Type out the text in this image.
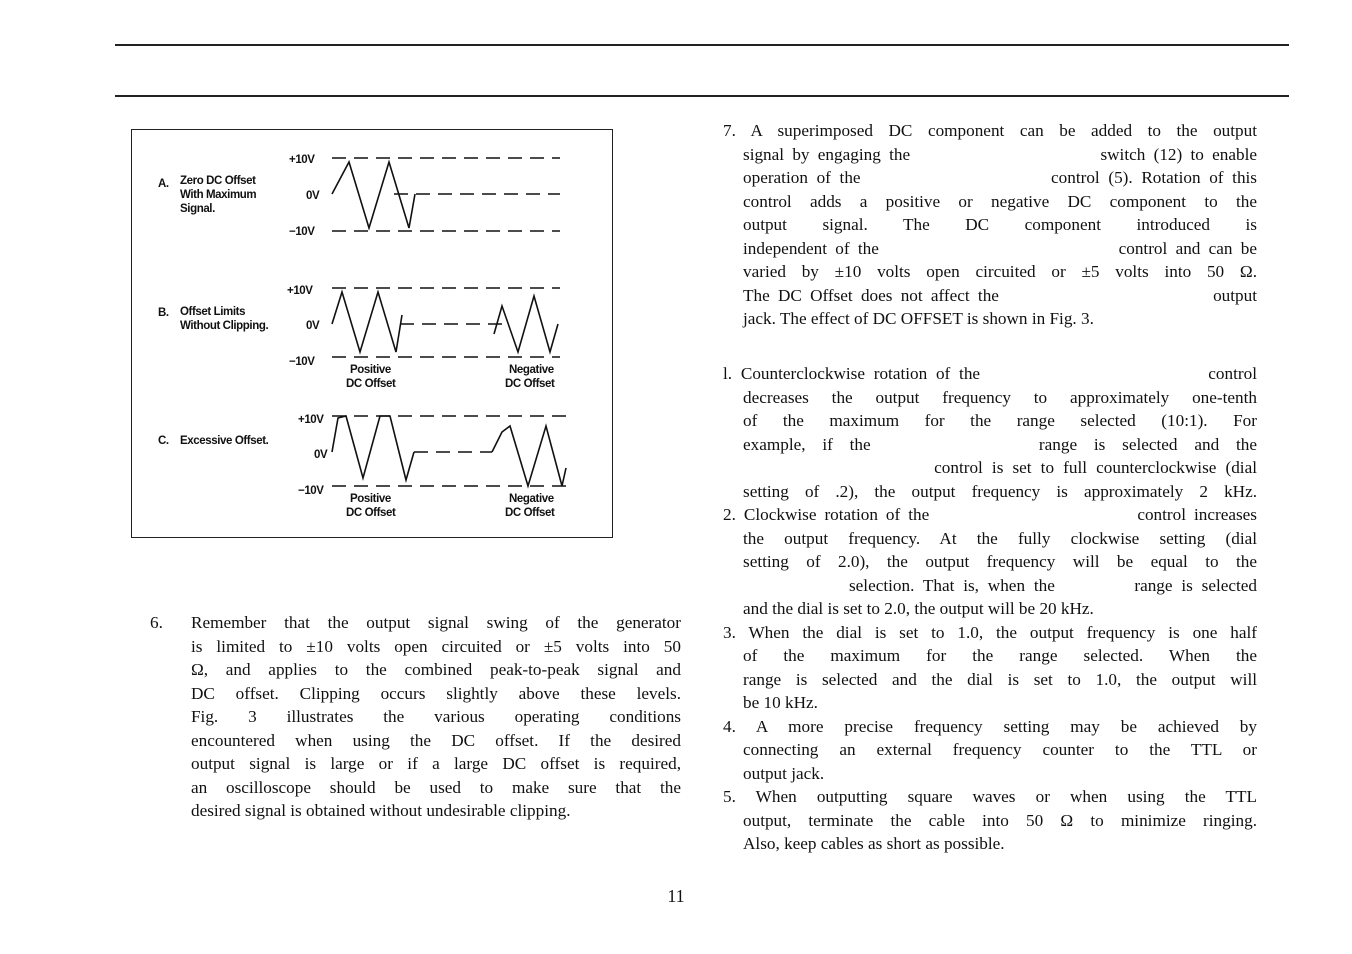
A. Zero DC Offset
With Maximum
Signal.
+10V
0V
−10V
B. Offset Limits
Without Clipping.
+10V
0V
−10V
Positive
DC Offset
Negative
DC Offset
C. Excessive Offset.
+10V
0V
−10V
Positive
DC Offset
Negative
DC Offset
6. Remember that the output signal swing of the generator
is limited to ±10 volts open circuited or ±5 volts into 50
Ω, and applies to the combined peak-to-peak signal and
DC offset. Clipping occurs slightly above these levels.
Fig. 3 illustrates the various operating conditions
encountered when using the DC offset. If the desired
output signal is large or if a large DC offset is required,
an oscilloscope should be used to make sure that the
desired signal is obtained without undesirable clipping.
7. A superimposed DC component can be added to the output
signal by engaging the                       switch (12) to enable
operation of the                      control (5). Rotation of this
control adds a positive or negative DC component to the
output signal. The DC component introduced is
independent of the                             control and can be
varied by ±10 volts open circuited or ±5 volts into 50 Ω.
The DC Offset does not affect the                          output
jack. The effect of DC OFFSET is shown in Fig. 3.
l. Counterclockwise rotation of the                          control
decreases the output frequency to approximately one-tenth
of the maximum for the range selected (10:1). For
example, if the          range is selected and the
control is set to full counterclockwise (dial
setting of .2), the output frequency is approximately 2 kHz.
2. Clockwise rotation of the                          control increases
the output frequency. At the fully clockwise setting (dial
setting of 2.0), the output frequency will be equal to the
selection. That is, when the         range is selected
and the dial is set to 2.0, the output will be 20 kHz.
3. When the dial is set to 1.0, the output frequency is one half
of the maximum for the range selected. When the
range is selected and the dial is set to 1.0, the output will
be 10 kHz.
4. A more precise frequency setting may be achieved by
connecting an external frequency counter to the TTL or
output jack.
5. When outputting square waves or when using the TTL
output, terminate the cable into 50 Ω to minimize ringing.
Also, keep cables as short as possible.
11
